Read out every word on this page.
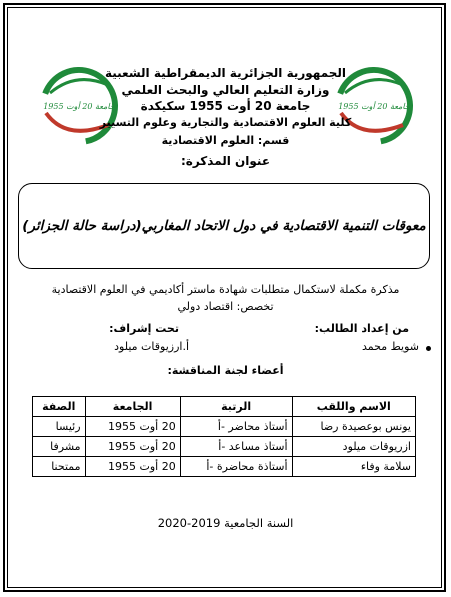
جامعة 20 أوت 1955	جامعة 20 أوت 1955
الجمهورية الجزائرية الديمقراطية الشعبية
وزارة التعليم العالي والبحث العلمي
جامعة 20 أوت 1955 سكيكدة
كلية العلوم الاقتصادية والتجارية وعلوم التسيير
قسم: العلوم الاقتصادية
عنوان المذكرة:
معوقات التنمية الاقتصادية في دول الاتحاد المغاربي(دراسة حالة الجزائر)
مذكرة مكملة لاستكمال متطلبات شهادة ماستر أكاديمي في العلوم الاقتصادية
تخصص: اقتصاد دولي
من إعداد الطالب:
تحت إشراف:
شويط محمد
أ.ارزيوقات ميلود
أعضاء لجنة المناقشة:
الاسم واللقب	الرتبة	الجامعة	الصفة
يونس بوعصيدة رضا	أستاذ محاضر -أ	20 أوت 1955	رئيسا
ازريوقات ميلود	أستاذ مساعد -أ	20 أوت 1955	مشرفا
سلامة وفاء	أستاذة محاضرة -أ	20 أوت 1955	ممتحنا
السنة الجامعية 2019-2020
